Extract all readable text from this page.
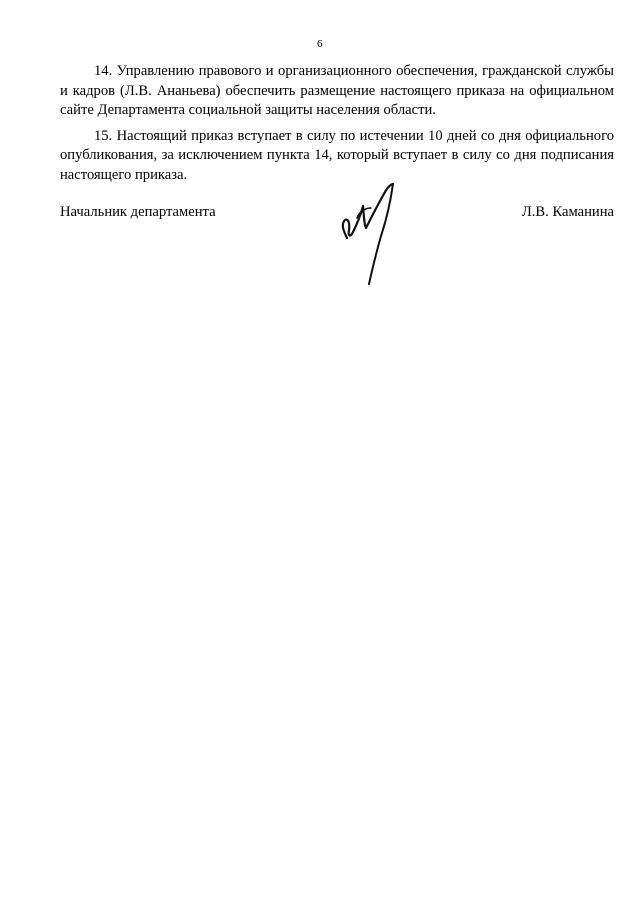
6

14. Управлению правового и организационного обеспечения, гражданской службы и кадров (Л.В. Ананьева) обеспечить размещение настоящего приказа на официальном сайте Департамента социальной защиты населения области.

15. Настоящий приказ вступает в силу по истечении 10 дней со дня официального опубликования, за исключением пункта 14, который вступает в силу со дня подписания настоящего приказа.

Начальник департамента	Л.В. Каманина
